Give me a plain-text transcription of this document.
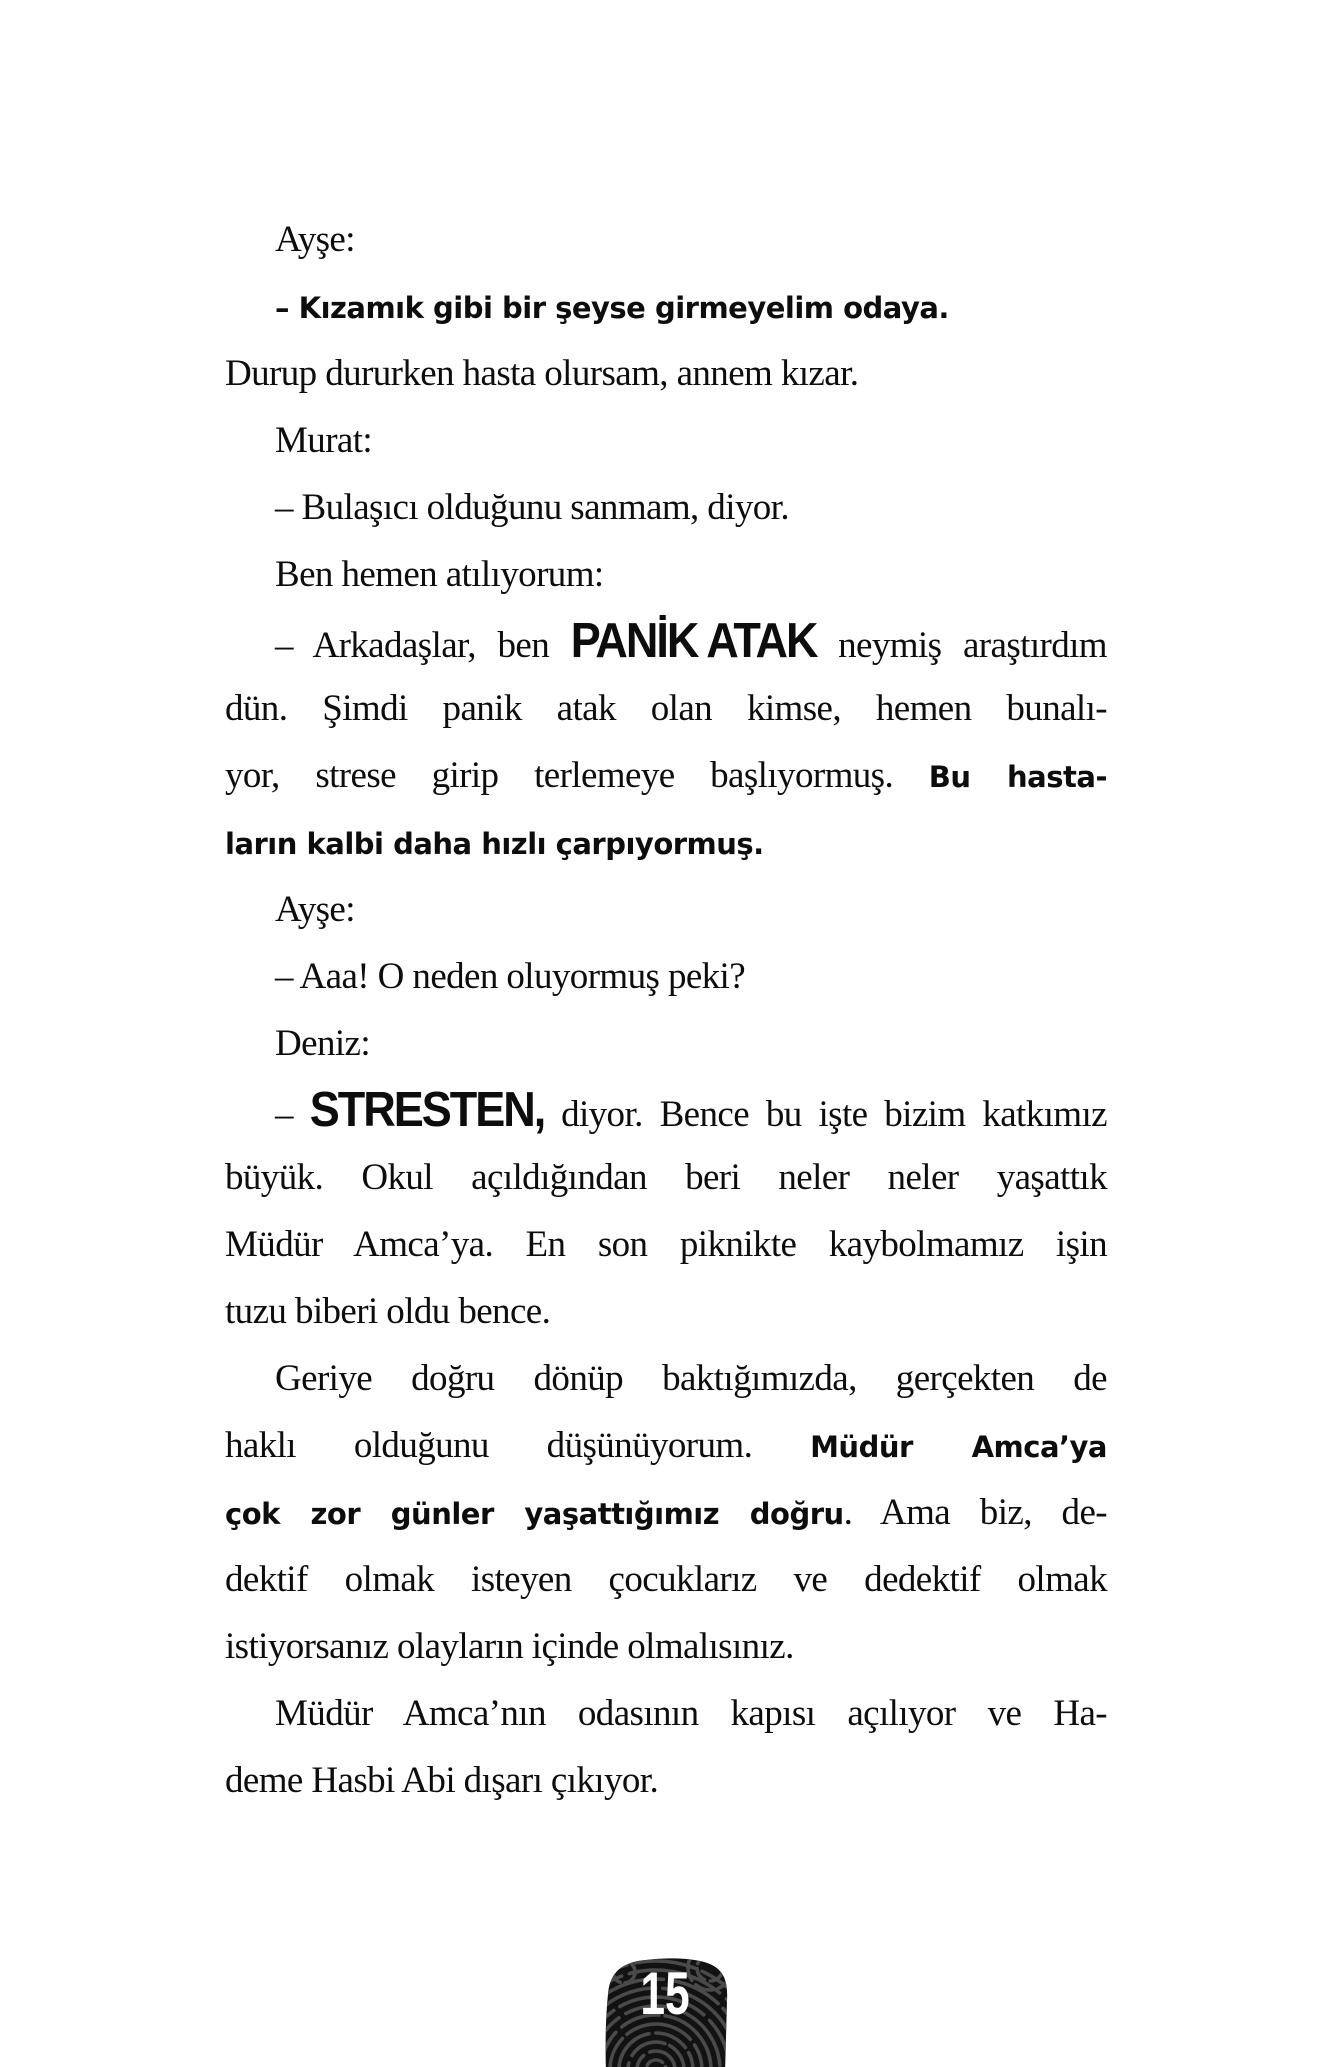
Ayşe:
– Kızamık gibi bir şeyse girmeyelim odaya.
Durup dururken hasta olursam, annem kızar.
Murat:
– Bulaşıcı olduğunu sanmam, diyor.
Ben hemen atılıyorum:
– Arkadaşlar, ben PANİK ATAK neymiş araştırdım
dün. Şimdi panik atak olan kimse, hemen bunalı-
yor, strese girip terlemeye başlıyormuş. Bu hasta-
ların kalbi daha hızlı çarpıyormuş.
Ayşe:
– Aaa! O neden oluyormuş peki?
Deniz:
– STRESTEN, diyor. Bence bu işte bizim katkımız
büyük. Okul açıldığından beri neler neler yaşattık
Müdür Amca’ya. En son piknikte kaybolmamız işin
tuzu biberi oldu bence.
Geriye doğru dönüp baktığımızda, gerçekten de
haklı olduğunu düşünüyorum. Müdür Amca’ya
çok zor günler yaşattığımız doğru. Ama biz, de-
dektif olmak isteyen çocuklarız ve dedektif olmak
istiyorsanız olayların içinde olmalısınız.
Müdür Amca’nın odasının kapısı açılıyor ve Ha-
deme Hasbi Abi dışarı çıkıyor.
15
